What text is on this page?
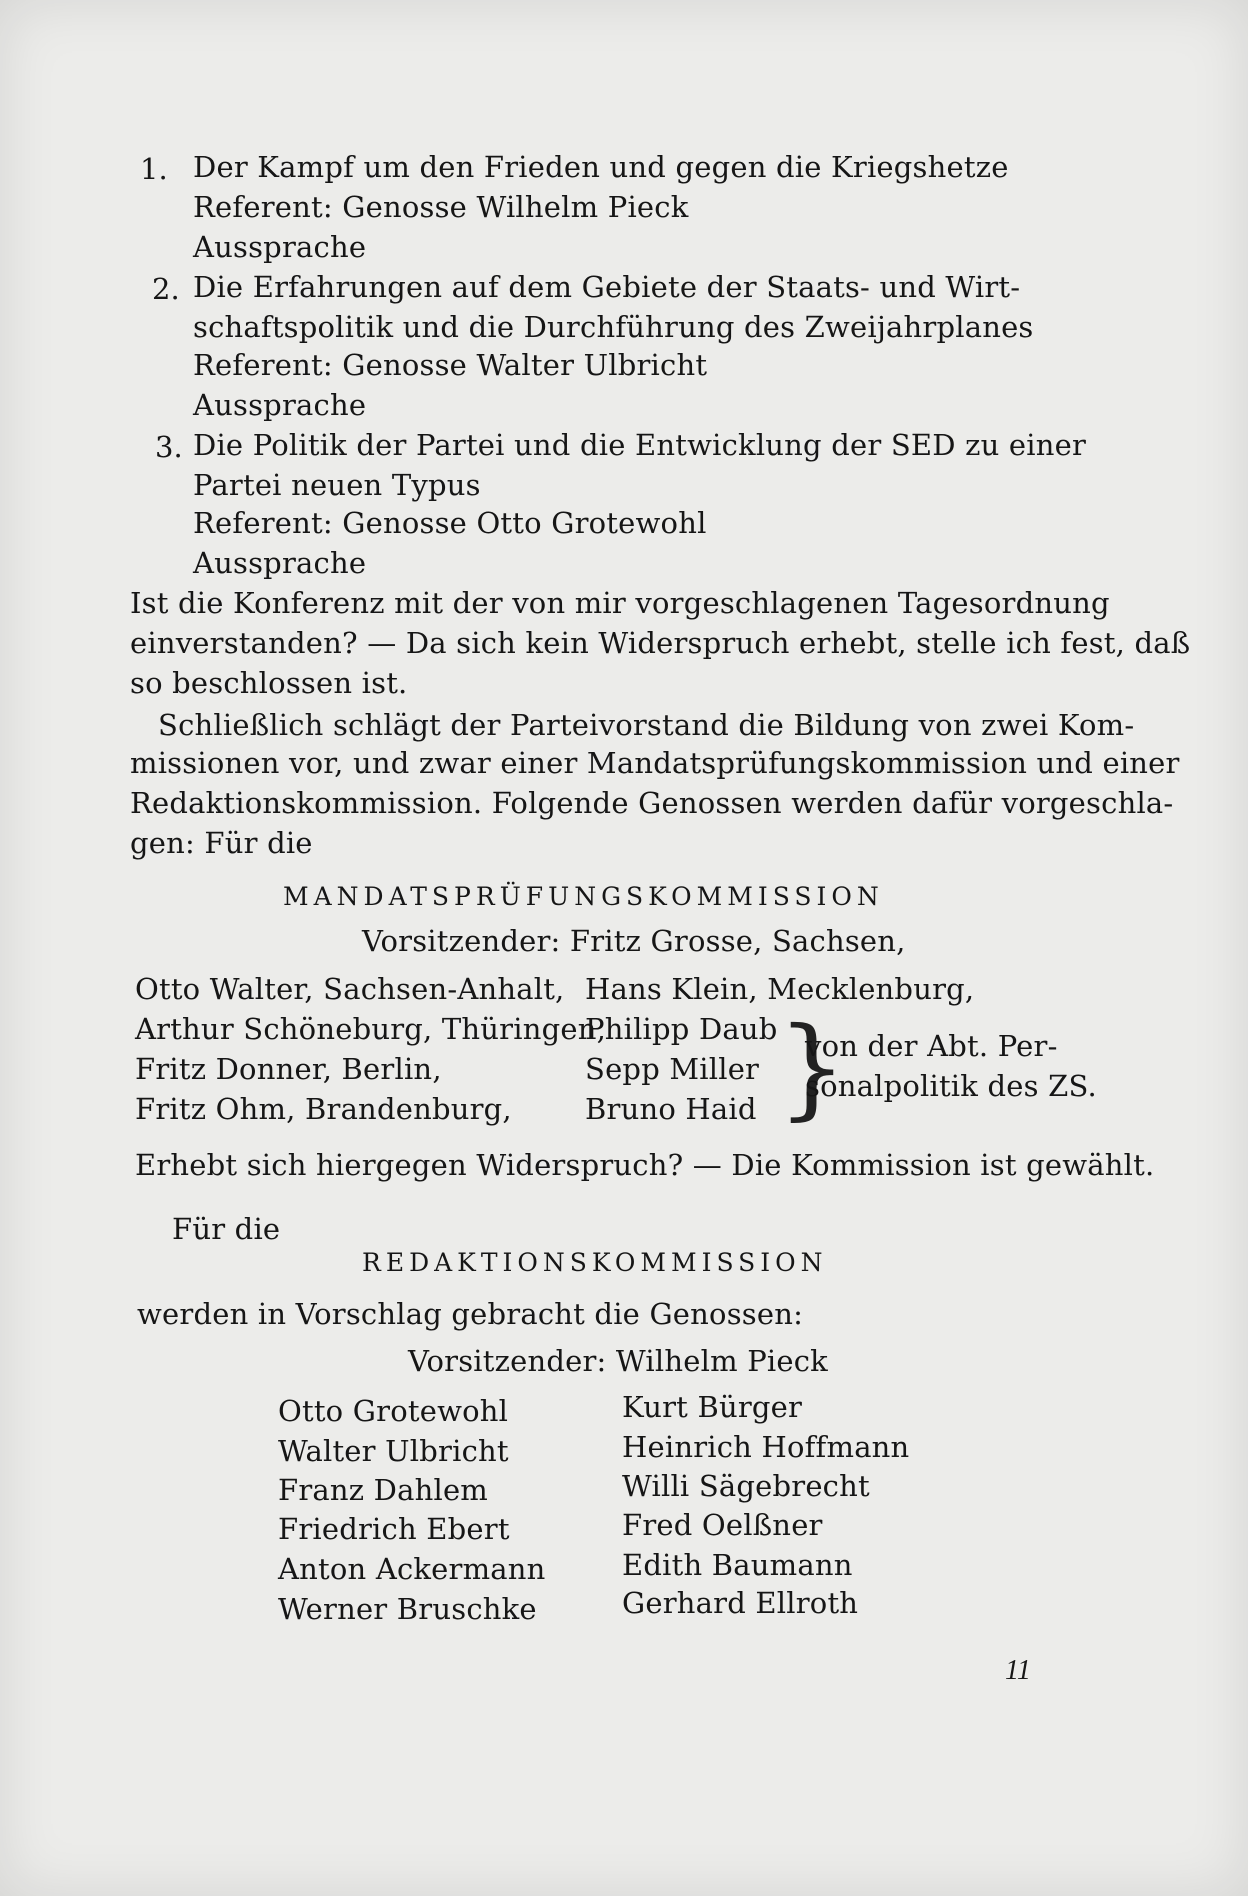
1. Der Kampf um den Frieden und gegen die Kriegshetze
Referent: Genosse Wilhelm Pieck
Aussprache
2. Die Erfahrungen auf dem Gebiete der Staats- und Wirt-
schaftspolitik und die Durchführung des Zweijahrplanes
Referent: Genosse Walter Ulbricht
Aussprache
3. Die Politik der Partei und die Entwicklung der SED zu einer
Partei neuen Typus
Referent: Genosse Otto Grotewohl
Aussprache
Ist die Konferenz mit der von mir vorgeschlagenen Tagesordnung
einverstanden? — Da sich kein Widerspruch erhebt, stelle ich fest, daß
so beschlossen ist.
Schließlich schlägt der Parteivorstand die Bildung von zwei Kom-
missionen vor, und zwar einer Mandatsprüfungskommission und einer
Redaktionskommission. Folgende Genossen werden dafür vorgeschla-
gen: Für die
MANDATSPRÜFUNGSKOMMISSION
Vorsitzender: Fritz Grosse, Sachsen,
Otto Walter, Sachsen-Anhalt,
Arthur Schöneburg, Thüringen,
Fritz Donner, Berlin,
Fritz Ohm, Brandenburg,
Hans Klein, Mecklenburg,
Philipp Daub
Sepp Miller
Bruno Haid }
von der Abt. Per-
sonalpolitik des ZS.
Erhebt sich hiergegen Widerspruch? — Die Kommission ist gewählt.
Für die
REDAKTIONSKOMMISSION
werden in Vorschlag gebracht die Genossen:
Vorsitzender: Wilhelm Pieck
Otto Grotewohl
Walter Ulbricht
Franz Dahlem
Friedrich Ebert
Anton Ackermann
Werner Bruschke
Kurt Bürger
Heinrich Hoffmann
Willi Sägebrecht
Fred Oelßner
Edith Baumann
Gerhard Ellroth
11
